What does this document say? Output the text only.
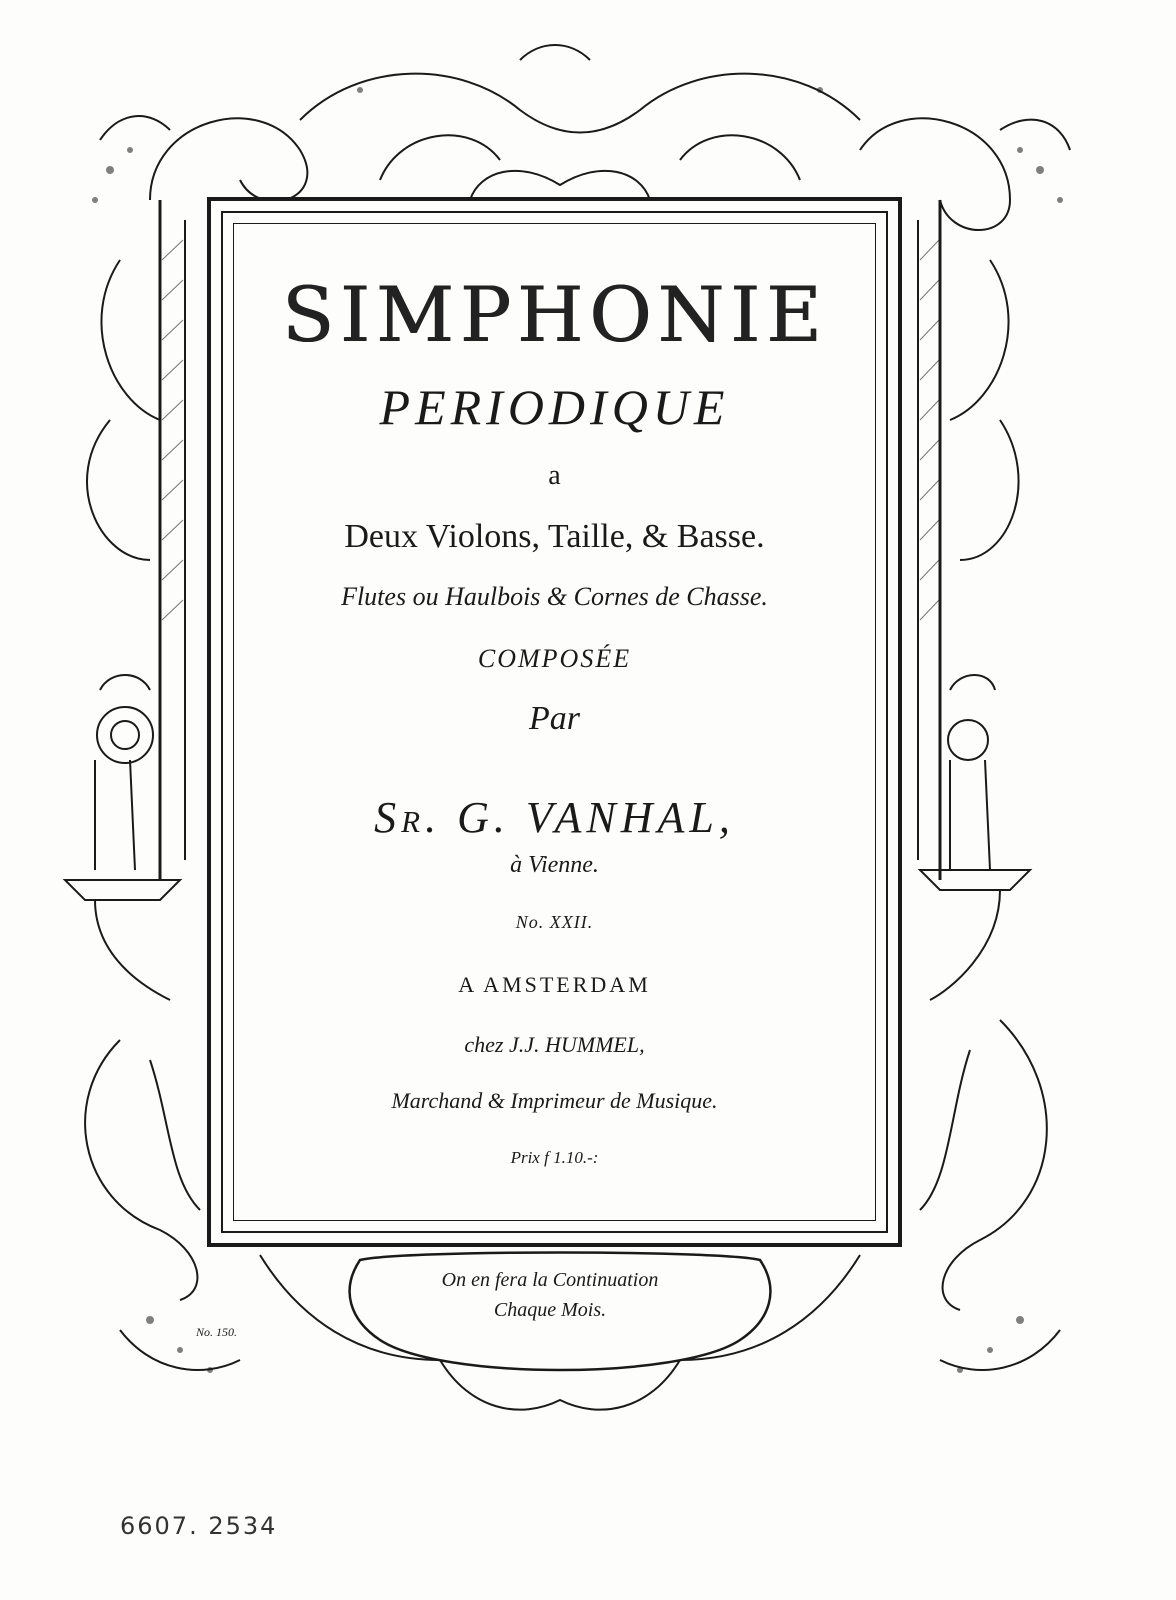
SIMPHONIE
PERIODIQUE
a
Deux Violons, Taille, & Basse.
Flutes ou Haulbois & Cornes de Chasse.
COMPOSÉE
Par
Sr. G. VANHAL,
à Vienne.
No. XXII.
A AMSTERDAM
chez J.J. HUMMEL,
Marchand & Imprimeur de Musique.
Prix f 1.10.-:
On en fera la Continuation
Chaque Mois.
No. 150.
6607. 2534
